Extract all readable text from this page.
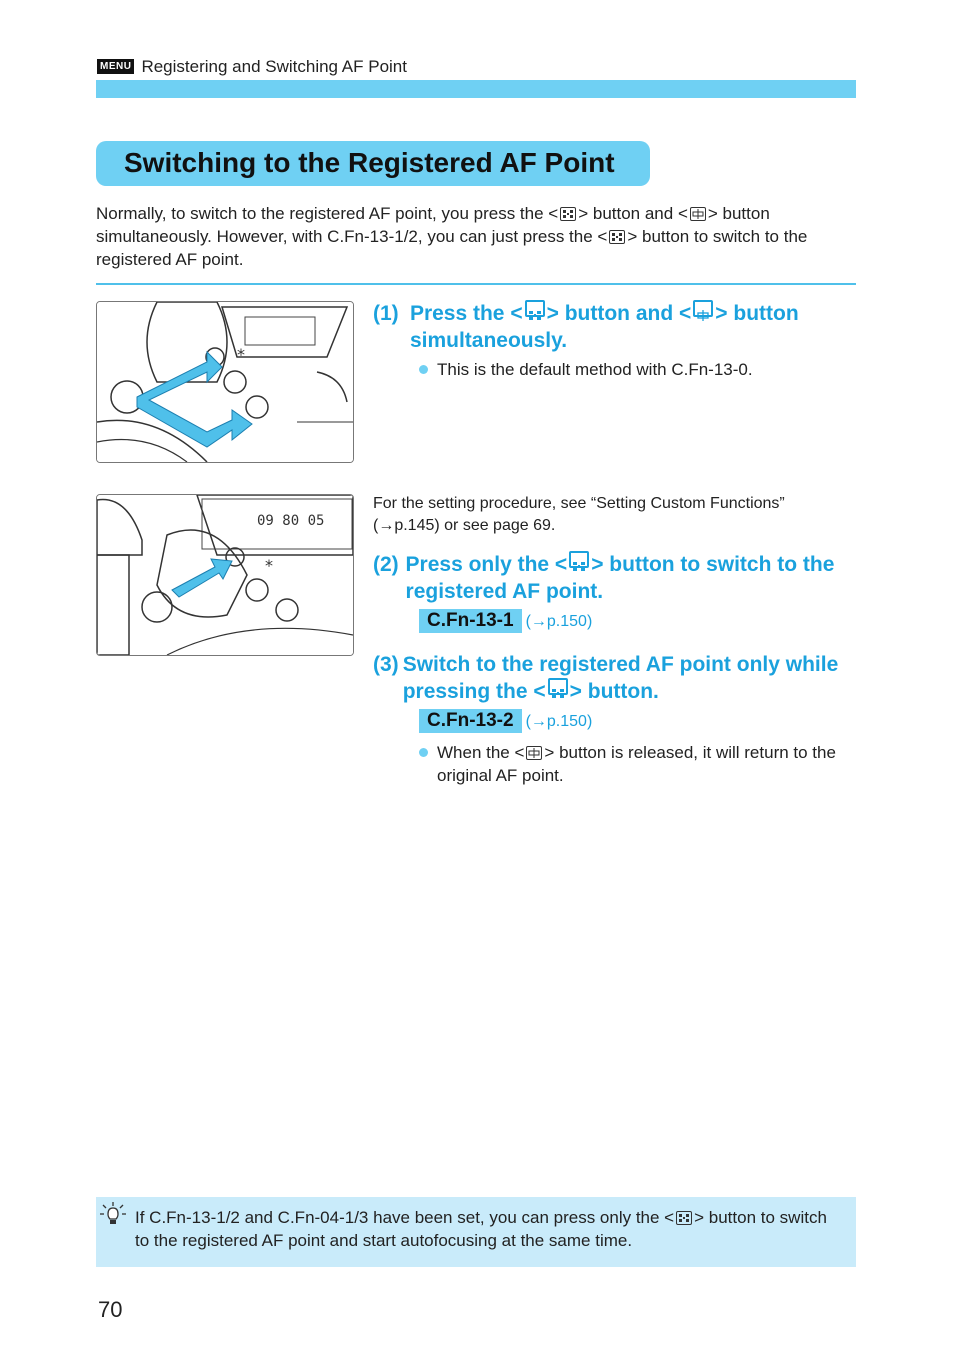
MENU Registering and Switching AF Point
Switching to the Registered AF Point
Normally, to switch to the registered AF point, you press the < > button and < > button simultaneously. However, with C.Fn-13-1/2, you can just press the < > button to switch to the registered AF point.
*
(1) Press the < > button and < > button simultaneously.
This is the default method with C.Fn-13-0.
09 80 05
*
For the setting procedure, see “Setting Custom Functions” (→p.145) or see page 69.
(2) Press only the < > button to switch to the registered AF point.
C.Fn-13-1 (→p.150)
(3) Switch to the registered AF point only while pressing the < > button.
C.Fn-13-2 (→p.150)
When the < > button is released, it will return to the original AF point.
If C.Fn-13-1/2 and C.Fn-04-1/3 have been set, you can press only the < > button to switch to the registered AF point and start autofocusing at the same time.
70
